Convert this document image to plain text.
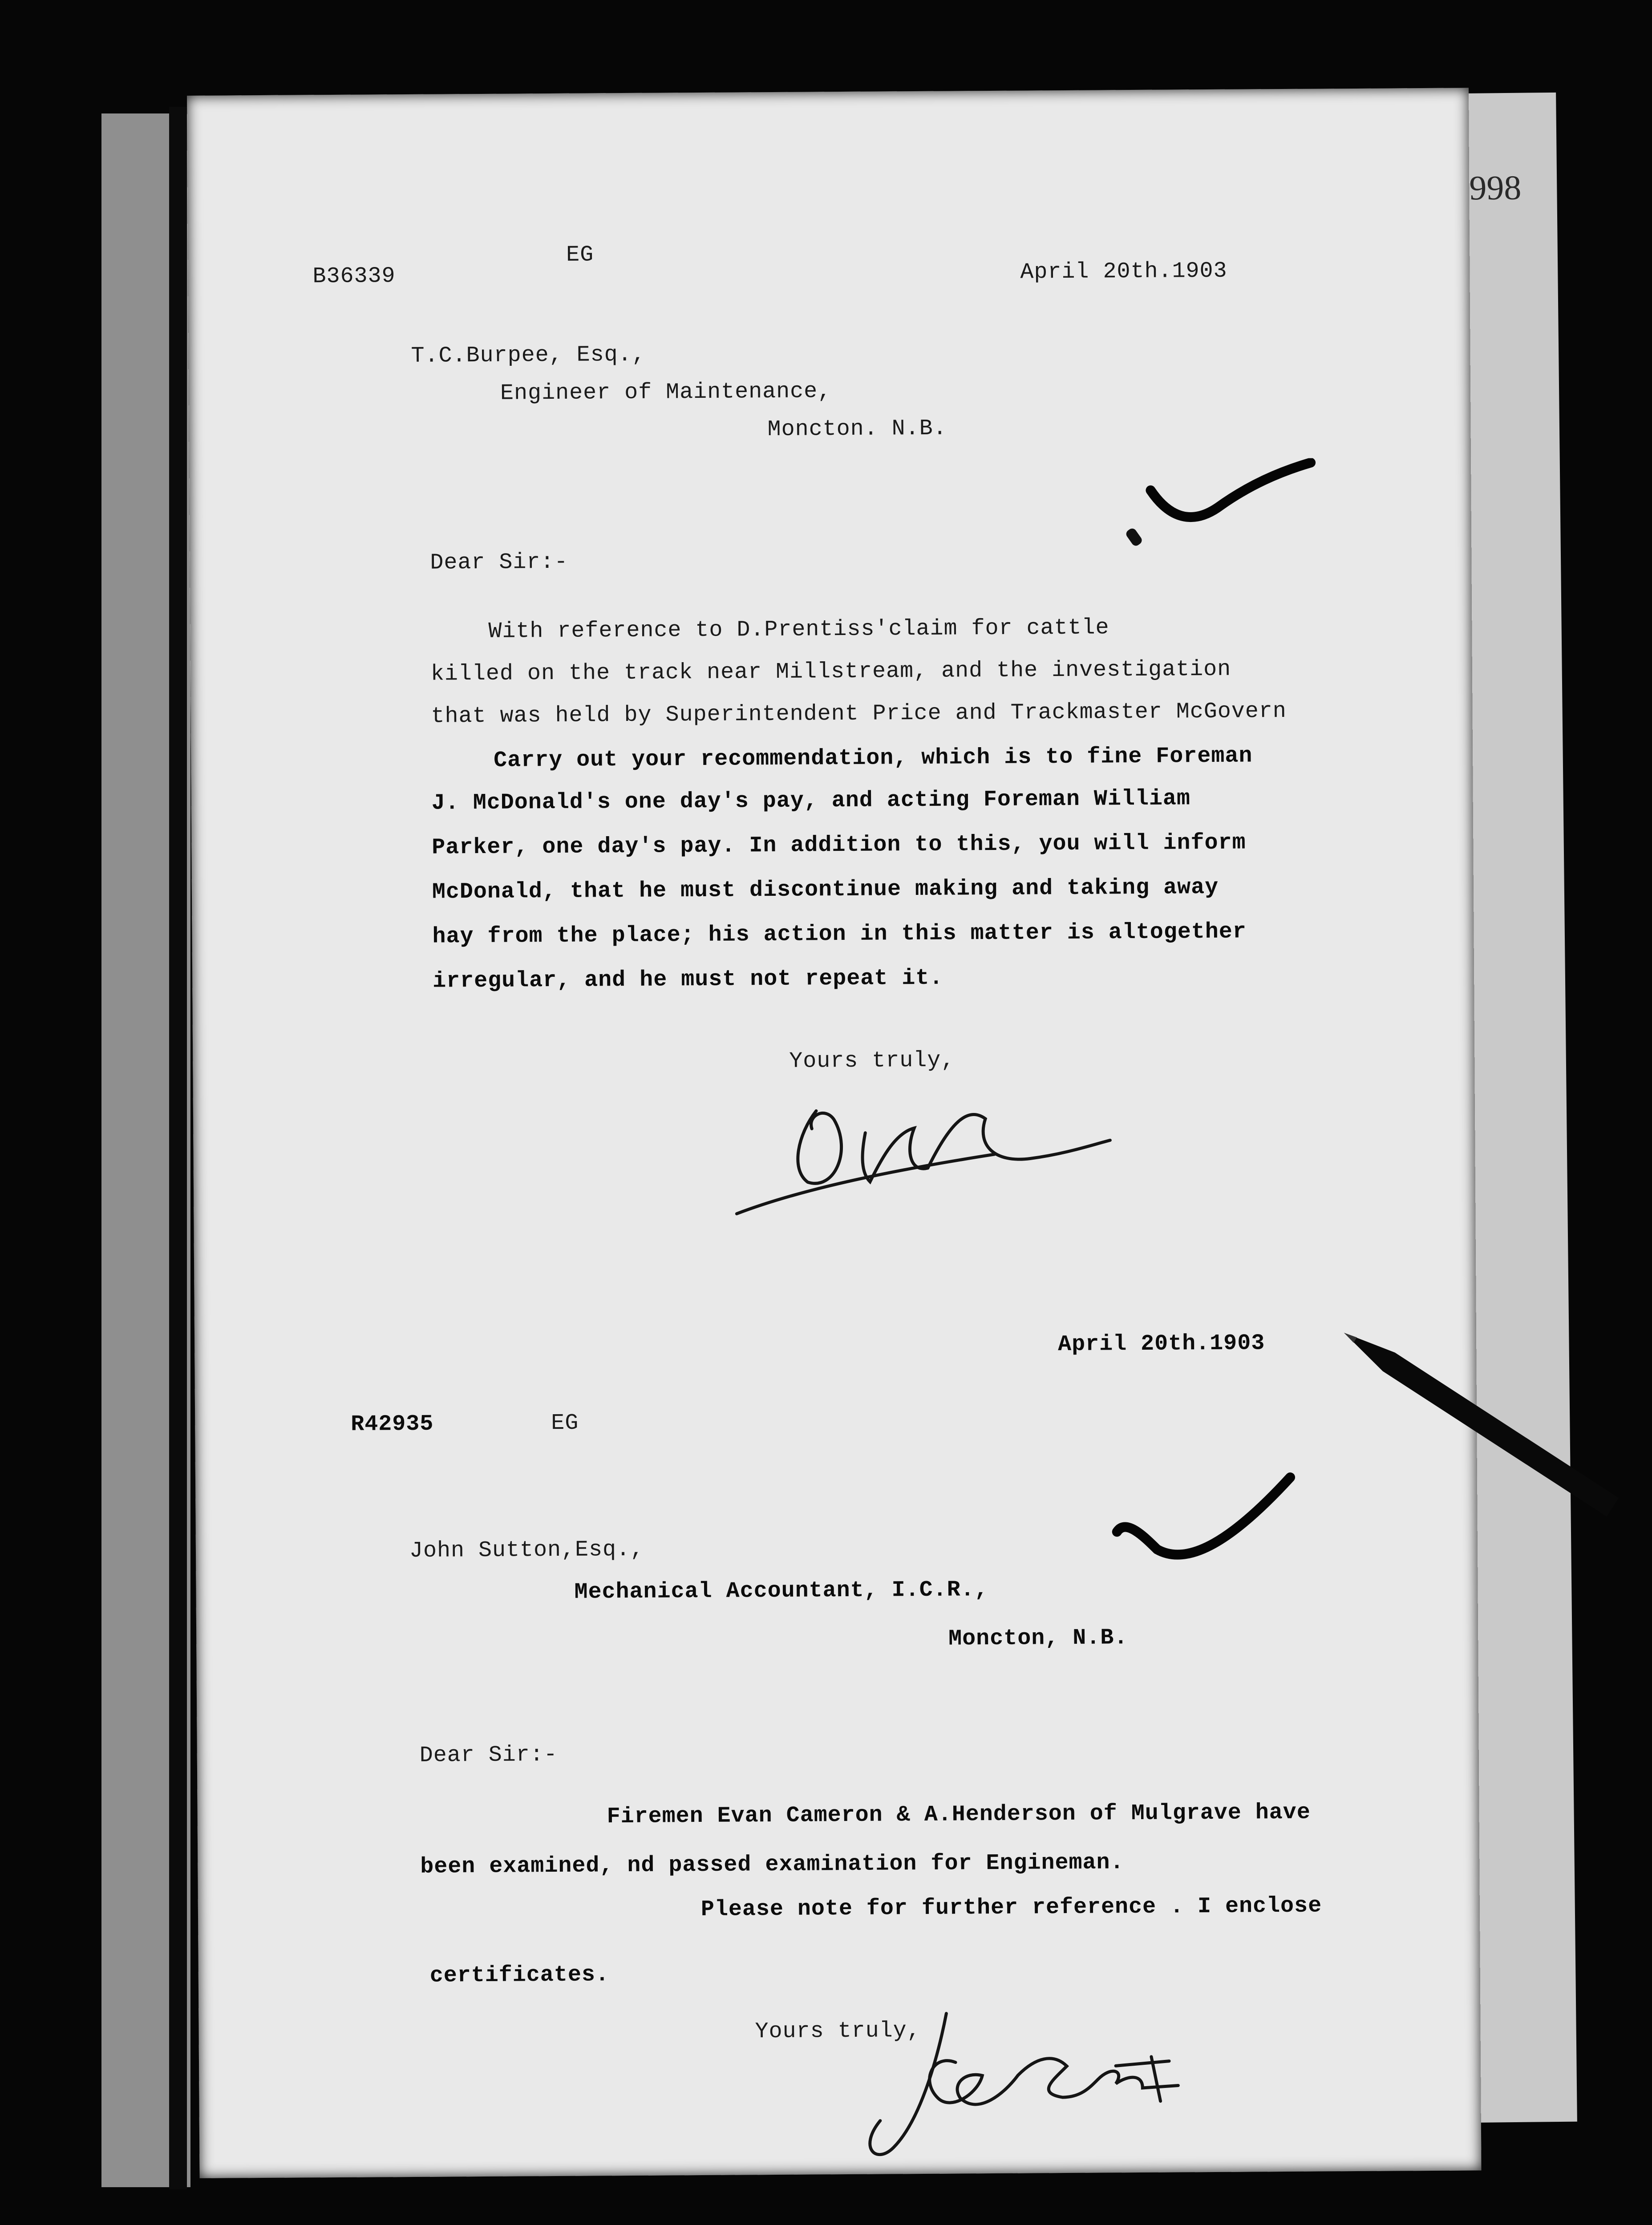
998
B36339
EG
April 20th.1903
T.C.Burpee, Esq.,
Engineer of Maintenance,
Moncton. N.B.
Dear Sir:-
With reference to D.Prentiss'claim for cattle
killed on the track near Millstream, and the investigation
that was held by Superintendent Price and Trackmaster McGovern
Carry out your recommendation, which is to fine Foreman
J. McDonald's one day's pay, and acting Foreman William
Parker, one day's pay. In addition to this, you will inform
McDonald, that he must discontinue making and taking away
hay from the place; his action in this matter is altogether
irregular, and he must not repeat it.
Yours truly,
April 20th.1903
R42935	EG
John Sutton,Esq.,
Mechanical Accountant, I.C.R.,
Moncton, N.B.
Dear Sir:-
Firemen Evan Cameron & A.Henderson of Mulgrave have
been examined, nd passed examination for Engineman.
Please note for further reference . I enclose
certificates.
Yours truly,
